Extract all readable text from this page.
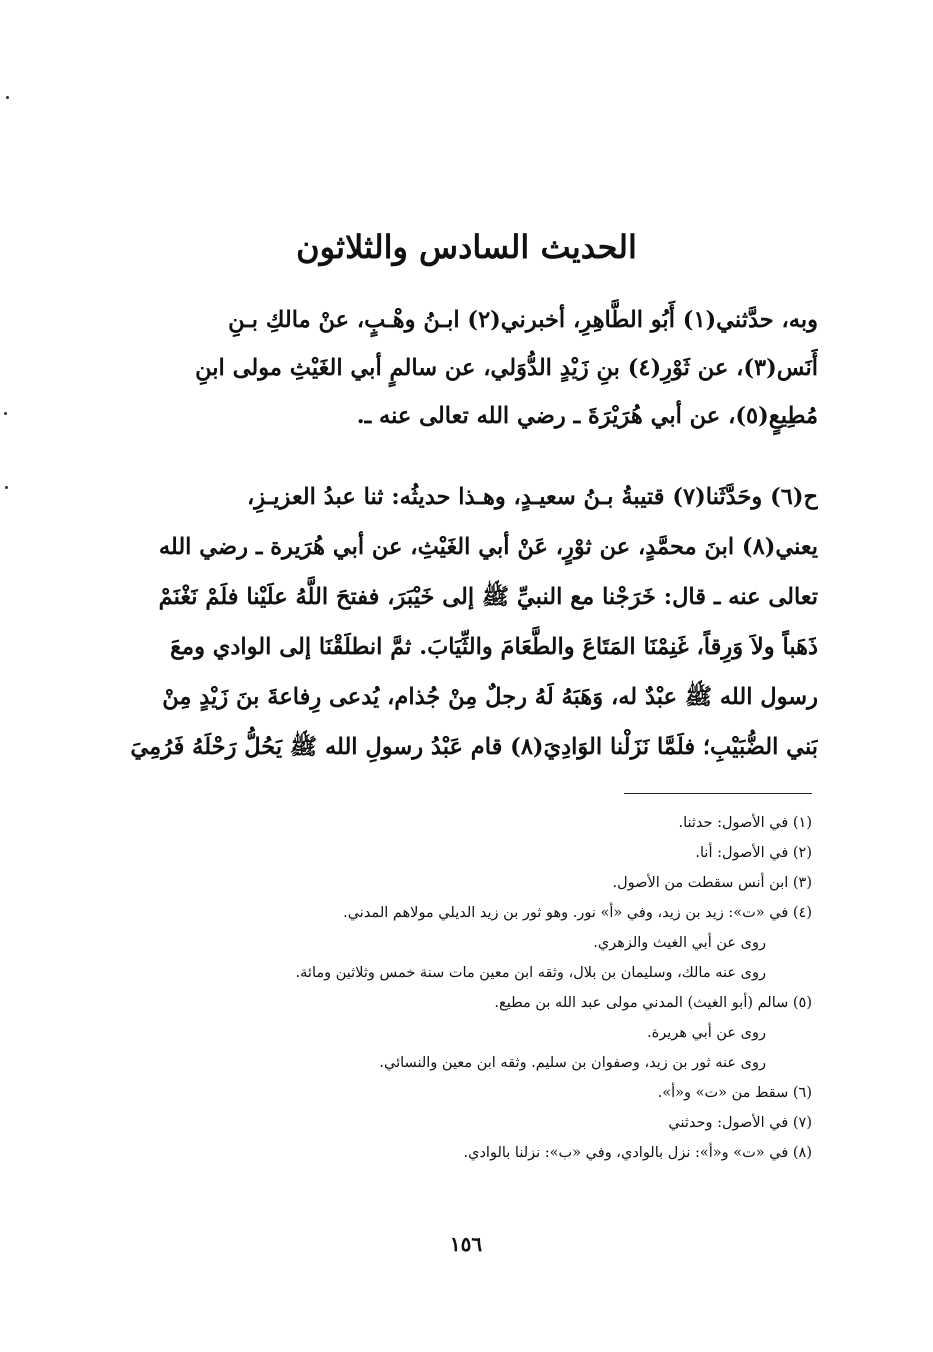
الحديث السادس والثلاثون
وبه، حدَّثني(١) أَبُو الطَّاهِرِ، أخبرني(٢) ابـنُ وهْـبٍ، عنْ مالكِ بـنِ
أَنَس(٣)، عن ثَوْرِ(٤) بنِ زَيْدٍ الدُّوَلي، عن سالمٍ أبي الغَيْثِ مولى ابنِ
مُطِيعٍ(٥)، عن أبي هُرَيْرَةَ ـ رضي الله تعالى عنه ـ.
ح(٦) وحَدَّثَنا(٧) قتيبةُ بـنُ سعيـدٍ، وهـذا حديثُه: ثنا عبدُ العزيـزِ،
يعني(٨) ابنَ محمَّدٍ، عن ثوْرٍ، عَنْ أبي الغَيْثِ، عن أبي هُرَيرة ـ رضي الله
تعالى عنه ـ قال: خَرَجْنا مع النبيِّ ﷺ إلى خَيْبَرَ، ففتحَ اللَّهُ علَيْنا فلَمْ نَغْنَمْ
ذَهَباً ولاَ وَرِقاً، غَنِمْنَا المَتَاعَ والطَّعَامَ والثِّيَابَ. ثمَّ انطلَقْنَا إلى الوادي ومعَ
رسول الله ﷺ عبْدٌ له، وَهَبَهُ لَهُ رجلٌ مِنْ جُذام، يُدعى رِفاعةَ بنَ زَيْدٍ مِنْ
بَني الضُّبَيْبِ؛ فلَمَّا نَزَلْنا الوَادِيَ(٨) قام عَبْدُ رسولِ الله ﷺ يَحُلُّ رَحْلَهُ فَرُمِيَ
(١) في الأصول: حدثنا.
(٢) في الأصول: أنا.
(٣) ابن أنس سقطت من الأصول.
(٤) في «ت»: زيد بن زيد، وفي «أ» نور. وهو ثور بن زيد الديلي مولاهم المدني.
روى عن أبي الغيث والزهري.
روى عنه مالك، وسليمان بن بلال، وثقه ابن معين مات سنة خمس وثلاثين ومائة.
(٥) سالم (أبو الغيث) المدني مولى عبد الله بن مطيع.
روى عن أبي هريرة.
روى عنه ثور بن زيد، وصفوان بن سليم. وثقه ابن معين والنسائي.
(٦) سقط من «ت» و«أ».
(٧) في الأصول: وحدثني
(٨) في «ت» و«أ»: نزل بالوادي، وفي «ب»: نزلنا بالوادي.
١٥٦
